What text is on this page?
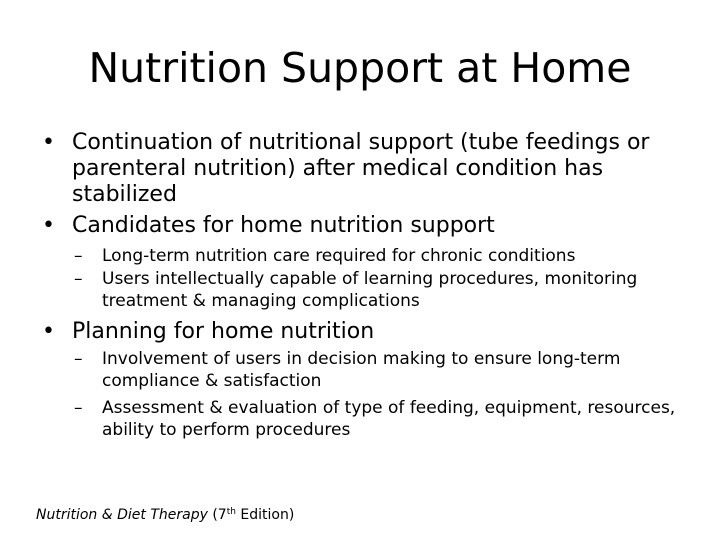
Nutrition Support at Home
• Continuation of nutritional support (tube feedings or parenteral nutrition) after medical condition has stabilized
• Candidates for home nutrition support
– Long-term nutrition care required for chronic conditions
– Users intellectually capable of learning procedures, monitoring treatment & managing complications
• Planning for home nutrition
– Involvement of users in decision making to ensure long-term compliance & satisfaction
– Assessment & evaluation of type of feeding, equipment, resources, ability to perform procedures
Nutrition & Diet Therapy (7th Edition)
